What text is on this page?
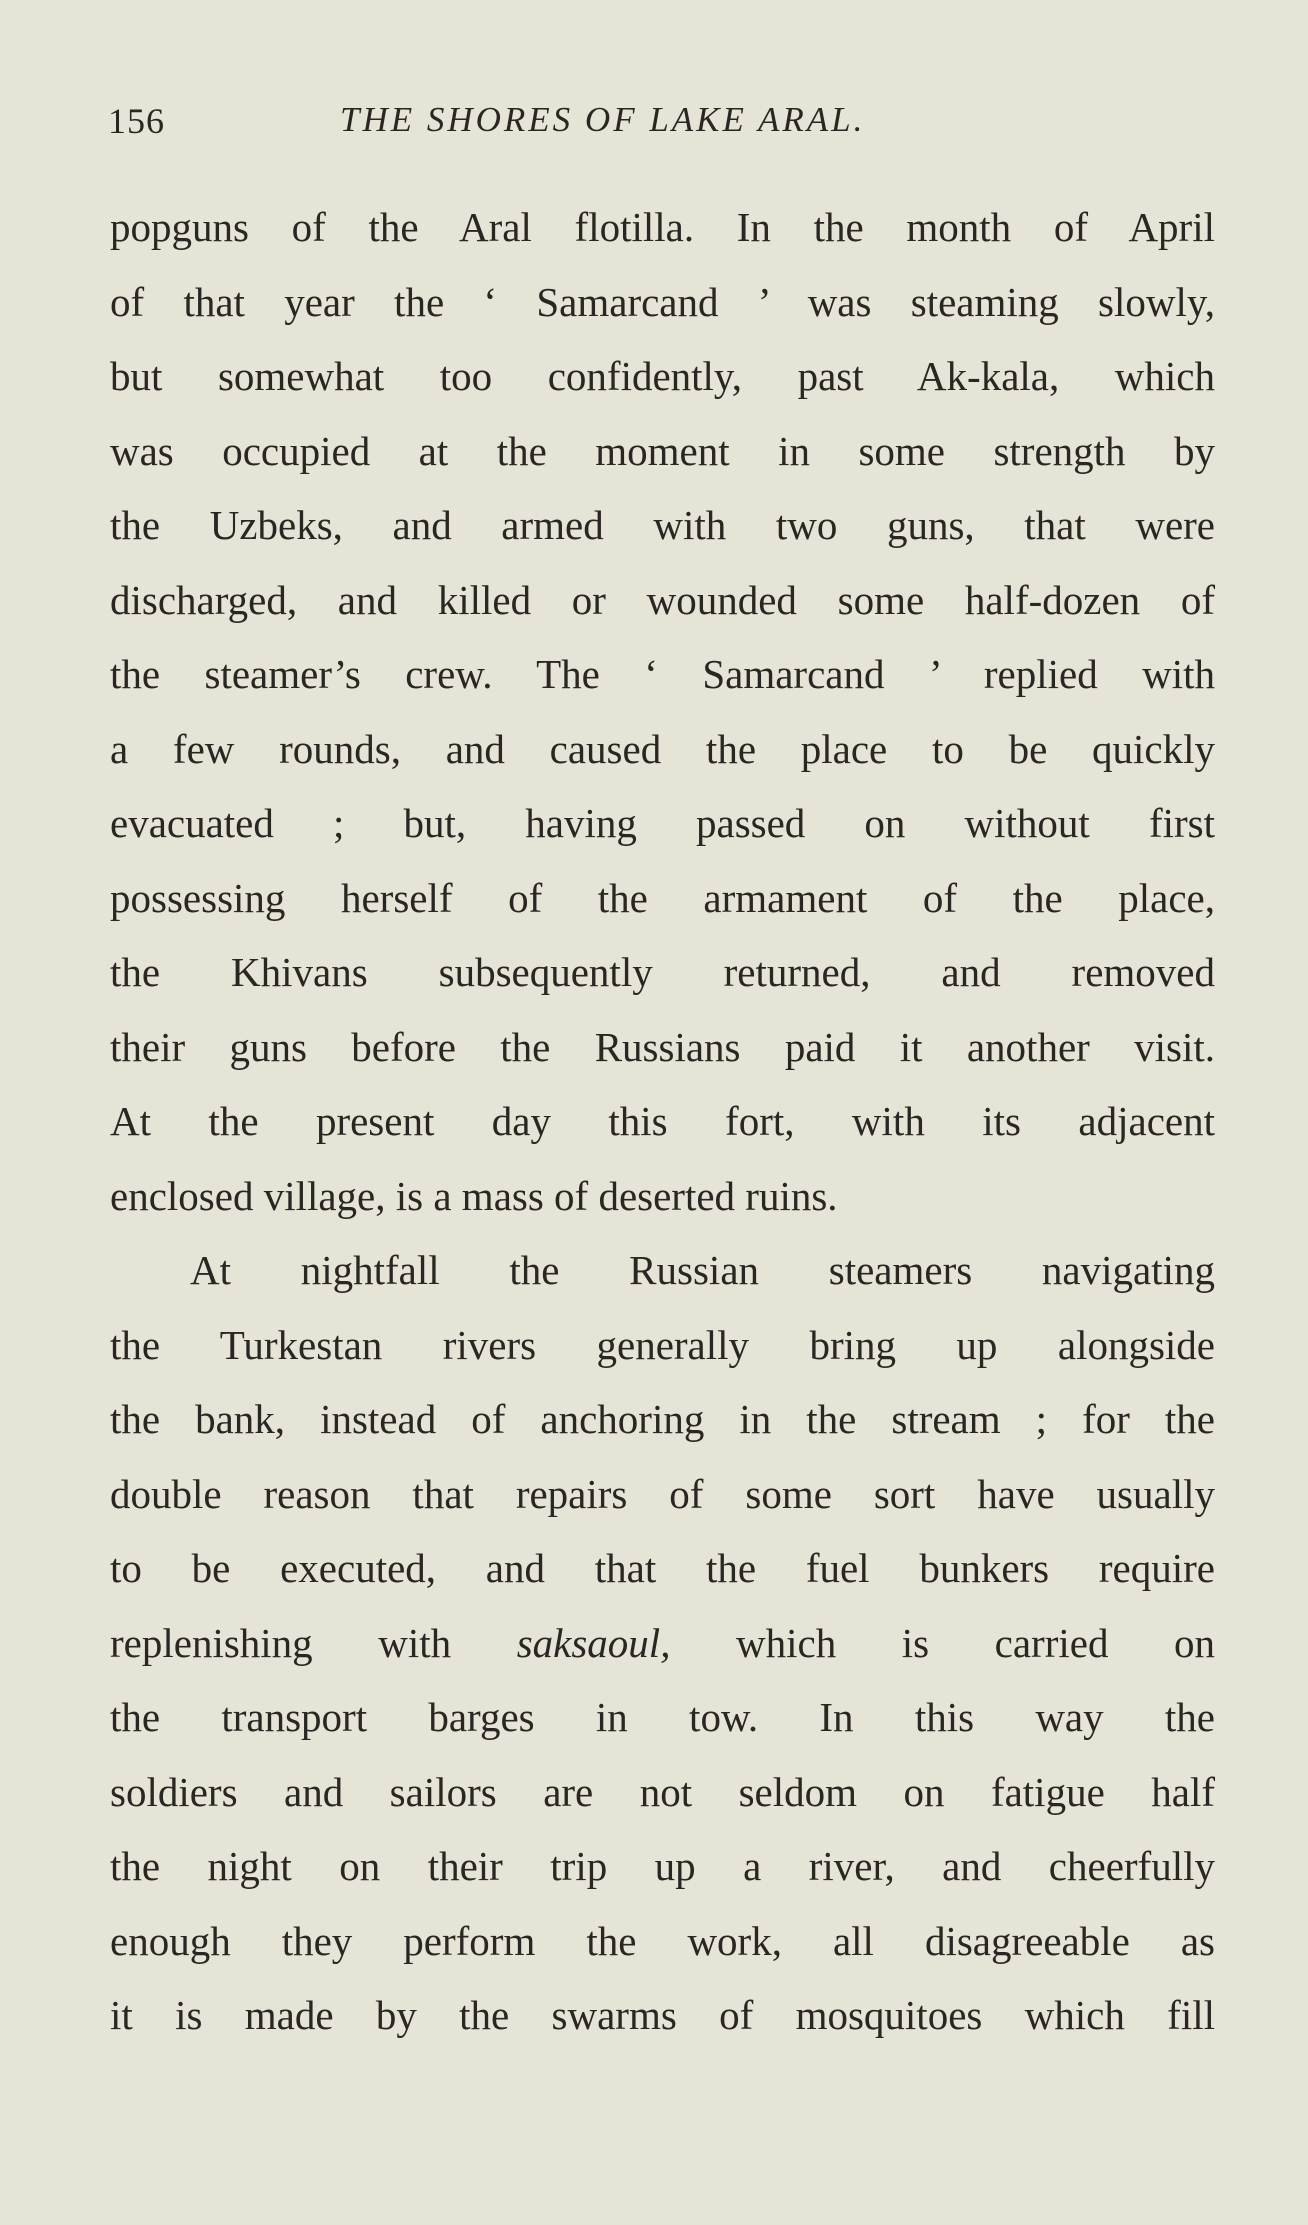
156	THE SHORES OF LAKE ARAL.
popguns of the Aral flotilla. In the month of April
of that year the ‘ Samarcand ’ was steaming slowly,
but somewhat too confidently, past Ak-kala, which
was occupied at the moment in some strength by
the Uzbeks, and armed with two guns, that were
discharged, and killed or wounded some half-dozen of
the steamer’s crew. The ‘ Samarcand ’ replied with
a few rounds, and caused the place to be quickly
evacuated ; but, having passed on without first
possessing herself of the armament of the place,
the Khivans subsequently returned, and removed
their guns before the Russians paid it another visit.
At the present day this fort, with its adjacent
enclosed village, is a mass of deserted ruins.
At nightfall the Russian steamers navigating
the Turkestan rivers generally bring up alongside
the bank, instead of anchoring in the stream ; for the
double reason that repairs of some sort have usually
to be executed, and that the fuel bunkers require
replenishing with saksaoul, which is carried on
the transport barges in tow. In this way the
soldiers and sailors are not seldom on fatigue half
the night on their trip up a river, and cheerfully
enough they perform the work, all disagreeable as
it is made by the swarms of mosquitoes which fill
